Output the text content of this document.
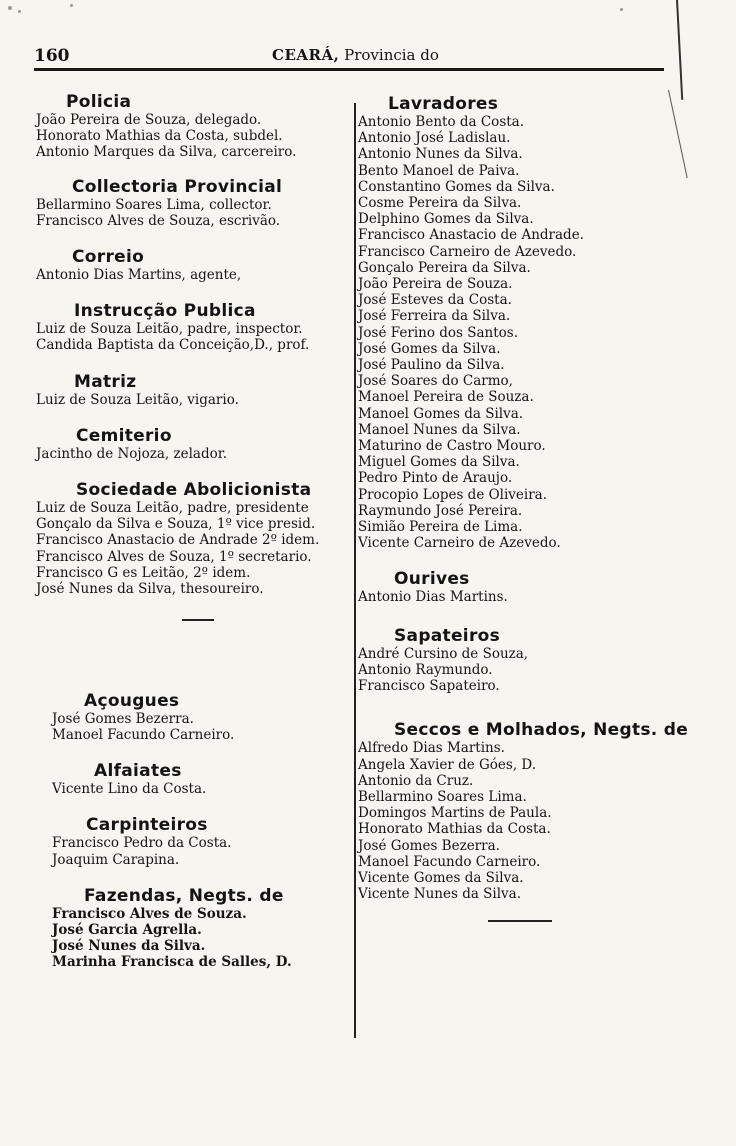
160	CEARÁ, Provincia do
Policia
João Pereira de Souza, delegado.
Honorato Mathias da Costa, subdel.
Antonio Marques da Silva, carcereiro.
Collectoria Provincial
Bellarmino Soares Lima, collector.
Francisco Alves de Souza, escrivão.
Correio
Antonio Dias Martins, agente,
Instrucção Publica
Luiz de Souza Leitão, padre, inspector.
Candida Baptista da Conceição,D., prof.
Matriz
Luiz de Souza Leitão, vigario.
Cemiterio
Jacintho de Nojoza, zelador.
Sociedade Abolicionista
Luiz de Souza Leitão, padre, presidente
Gonçalo da Silva e Souza, 1º vice presid.
Francisco Anastacio de Andrade 2º idem.
Francisco Alves de Souza, 1º secretario.
Francisco G es Leitão, 2º idem.
José Nunes da Silva, thesoureiro.
Açougues
José Gomes Bezerra.
Manoel Facundo Carneiro.
Alfaiates
Vicente Lino da Costa.
Carpinteiros
Francisco Pedro da Costa.
Joaquim Carapina.
Fazendas, Negts. de
Francisco Alves de Souza.
José Garcia Agrella.
José Nunes da Silva.
Marinha Francisca de Salles, D.
Lavradores
Antonio Bento da Costa.
Antonio José Ladislau.
Antonio Nunes da Silva.
Bento Manoel de Paiva.
Constantino Gomes da Silva.
Cosme Pereira da Silva.
Delphino Gomes da Silva.
Francisco Anastacio de Andrade.
Francisco Carneiro de Azevedo.
Gonçalo Pereira da Silva.
João Pereira de Souza.
José Esteves da Costa.
José Ferreira da Silva.
José Ferino dos Santos.
José Gomes da Silva.
José Paulino da Silva.
José Soares do Carmo,
Manoel Pereira de Souza.
Manoel Gomes da Silva.
Manoel Nunes da Silva.
Maturino de Castro Mouro.
Miguel Gomes da Silva.
Pedro Pinto de Araujo.
Procopio Lopes de Oliveira.
Raymundo José Pereira.
Simião Pereira de Lima.
Vicente Carneiro de Azevedo.
Ourives
Antonio Dias Martins.
Sapateiros
André Cursino de Souza,
Antonio Raymundo.
Francisco Sapateiro.
Seccos e Molhados, Negts. de
Alfredo Dias Martins.
Angela Xavier de Góes, D.
Antonio da Cruz.
Bellarmino Soares Lima.
Domingos Martins de Paula.
Honorato Mathias da Costa.
José Gomes Bezerra.
Manoel Facundo Carneiro.
Vicente Gomes da Silva.
Vicente Nunes da Silva.
